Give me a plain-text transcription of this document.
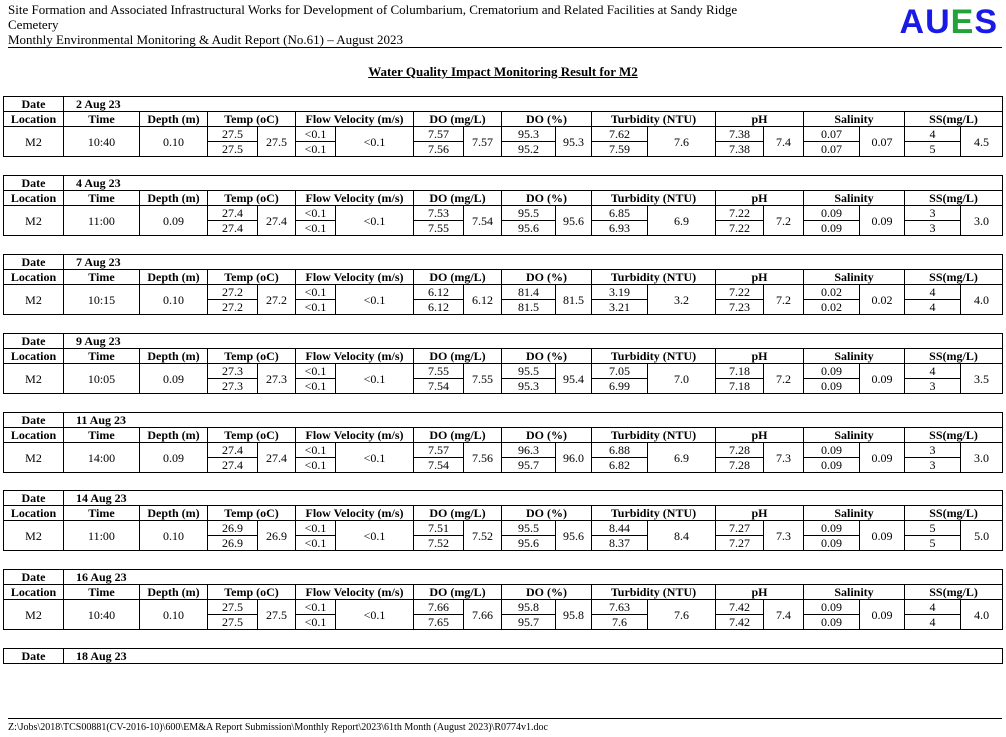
Site Formation and Associated Infrastructural Works for Development of Columbarium, Crematorium and Related Facilities at Sandy Ridge
Cemetery
Monthly Environmental Monitoring & Audit Report (No.61) – August 2023	AUES
Water Quality Impact Monitoring Result for M2
Date	2 Aug 23																	
Location	Time	Depth (m)	Temp (oC)		Flow Velocity (m/s)		DO (mg/L)		DO (%)		Turbidity (NTU)		pH		Salinity		SS(mg/L)	
M2	10:40	0.10	27.5	27.5	<0.1	<0.1	7.57	7.57	95.3	95.3	7.62	7.6	7.38	7.4	0.07	0.07	4	4.5
			27.5		<0.1		7.56		95.2		7.59		7.38		0.07		5	
Date	4 Aug 23																	
Location	Time	Depth (m)	Temp (oC)		Flow Velocity (m/s)		DO (mg/L)		DO (%)		Turbidity (NTU)		pH		Salinity		SS(mg/L)	
M2	11:00	0.09	27.4	27.4	<0.1	<0.1	7.53	7.54	95.5	95.6	6.85	6.9	7.22	7.2	0.09	0.09	3	3.0
			27.4		<0.1		7.55		95.6		6.93		7.22		0.09		3	
Date	7 Aug 23																	
Location	Time	Depth (m)	Temp (oC)		Flow Velocity (m/s)		DO (mg/L)		DO (%)		Turbidity (NTU)		pH		Salinity		SS(mg/L)	
M2	10:15	0.10	27.2	27.2	<0.1	<0.1	6.12	6.12	81.4	81.5	3.19	3.2	7.22	7.2	0.02	0.02	4	4.0
			27.2		<0.1		6.12		81.5		3.21		7.23		0.02		4	
Date	9 Aug 23																	
Location	Time	Depth (m)	Temp (oC)		Flow Velocity (m/s)		DO (mg/L)		DO (%)		Turbidity (NTU)		pH		Salinity		SS(mg/L)	
M2	10:05	0.09	27.3	27.3	<0.1	<0.1	7.55	7.55	95.5	95.4	7.05	7.0	7.18	7.2	0.09	0.09	4	3.5
			27.3		<0.1		7.54		95.3		6.99		7.18		0.09		3	
Date	11 Aug 23																	
Location	Time	Depth (m)	Temp (oC)		Flow Velocity (m/s)		DO (mg/L)		DO (%)		Turbidity (NTU)		pH		Salinity		SS(mg/L)	
M2	14:00	0.09	27.4	27.4	<0.1	<0.1	7.57	7.56	96.3	96.0	6.88	6.9	7.28	7.3	0.09	0.09	3	3.0
			27.4		<0.1		7.54		95.7		6.82		7.28		0.09		3	
Date	14 Aug 23																	
Location	Time	Depth (m)	Temp (oC)		Flow Velocity (m/s)		DO (mg/L)		DO (%)		Turbidity (NTU)		pH		Salinity		SS(mg/L)	
M2	11:00	0.10	26.9	26.9	<0.1	<0.1	7.51	7.52	95.5	95.6	8.44	8.4	7.27	7.3	0.09	0.09	5	5.0
			26.9		<0.1		7.52		95.6		8.37		7.27		0.09		5	
Date	16 Aug 23																	
Location	Time	Depth (m)	Temp (oC)		Flow Velocity (m/s)		DO (mg/L)		DO (%)		Turbidity (NTU)		pH		Salinity		SS(mg/L)	
M2	10:40	0.10	27.5	27.5	<0.1	<0.1	7.66	7.66	95.8	95.8	7.63	7.6	7.42	7.4	0.09	0.09	4	4.0
			27.5		<0.1		7.65		95.7		7.6		7.42		0.09		4	
Date	18 Aug 23
Z:\Jobs\2018\TCS00881(CV-2016-10)\600\EM&A Report Submission\Monthly Report\2023\61th Month (August 2023)\R0774v1.doc
